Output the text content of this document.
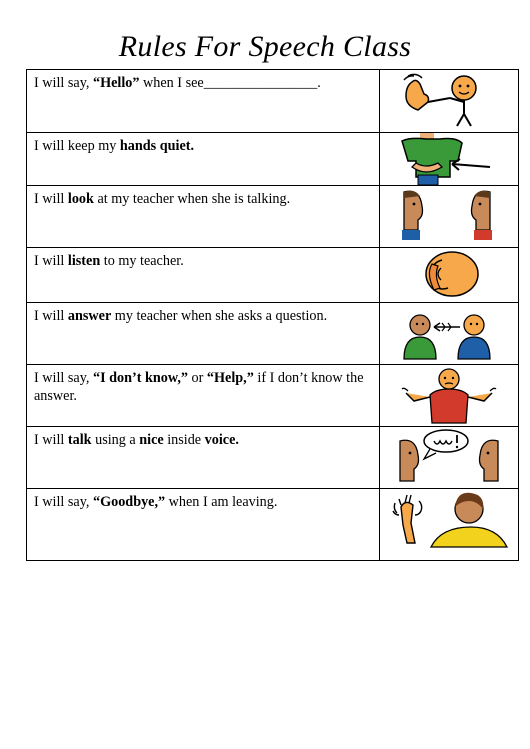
Rules For Speech Class
I will say, “Hello” when I see________________.	

I will keep my hands quiet.	

I will look at my teacher when she is talking.	

I will listen to my teacher.	

I will answer my teacher when she asks a question.	

I will say, “I don’t know,” or “Help,” if I don’t know the answer.	

I will talk using a nice inside voice.	

I will say, “Goodbye,” when I am leaving.	
